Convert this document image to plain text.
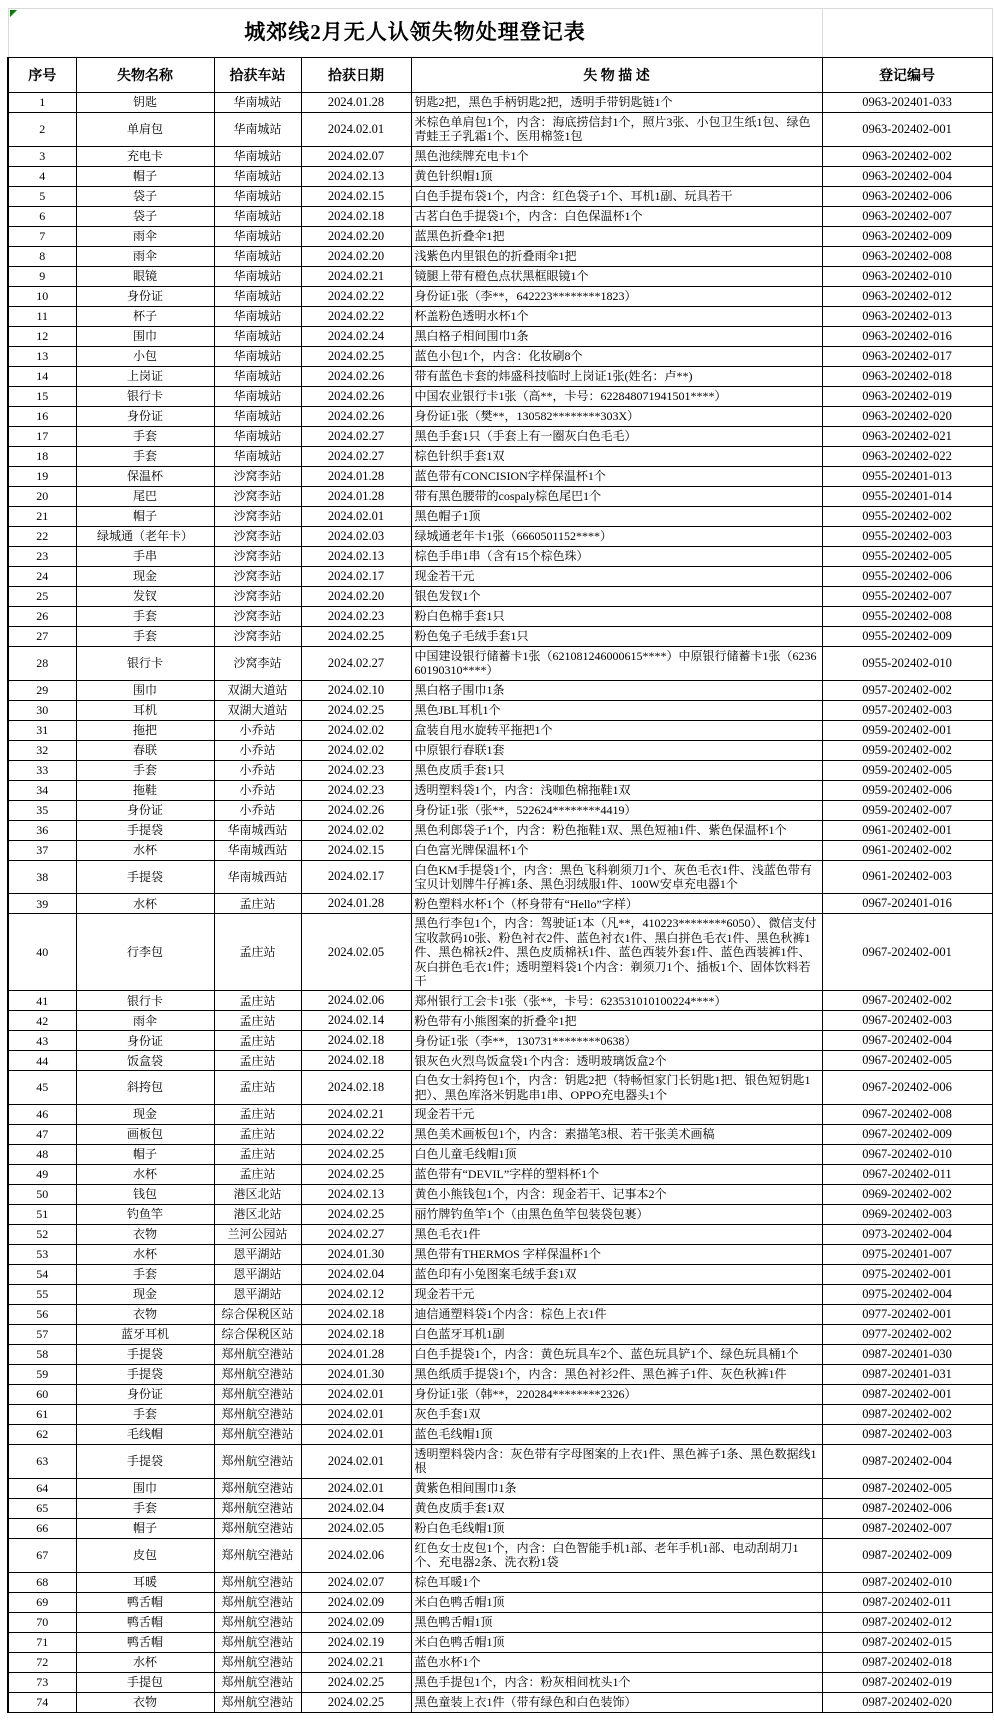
城郊线2月无人认领失物处理登记表					
序号	失物名称	拾获车站	拾获日期	失 物 描 述	登记编号
1	钥匙	华南城站	2024.01.28	钥匙2把，黑色手柄钥匙2把，透明手带钥匙链1个	0963-202401-033
2	单肩包	华南城站	2024.02.01	米棕色单肩包1个，内含：海底捞信封1个，照片3张、小包卫生纸1包、绿色青蛙王子乳霜1个、医用棉签1包	0963-202402-001
3	充电卡	华南城站	2024.02.07	黑色池续牌充电卡1个	0963-202402-002
4	帽子	华南城站	2024.02.13	黄色针织帽1顶	0963-202402-004
5	袋子	华南城站	2024.02.15	白色手提布袋1个，内含：红色袋子1个、耳机1副、玩具若干	0963-202402-006
6	袋子	华南城站	2024.02.18	古茗白色手提袋1个，内含：白色保温杯1个	0963-202402-007
7	雨伞	华南城站	2024.02.20	蓝黑色折叠伞1把	0963-202402-009
8	雨伞	华南城站	2024.02.20	浅紫色内里银色的折叠雨伞1把	0963-202402-008
9	眼镜	华南城站	2024.02.21	镜腿上带有橙色点状黑框眼镜1个	0963-202402-010
10	身份证	华南城站	2024.02.22	身份证1张（李**，642223********1823）	0963-202402-012
11	杯子	华南城站	2024.02.22	杯盖粉色透明水杯1个	0963-202402-013
12	围巾	华南城站	2024.02.24	黑白格子相间围巾1条	0963-202402-016
13	小包	华南城站	2024.02.25	蓝色小包1个，内含：化妆刷8个	0963-202402-017
14	上岗证	华南城站	2024.02.26	带有蓝色卡套的炜盛科技临时上岗证1张(姓名：卢**)	0963-202402-018
15	银行卡	华南城站	2024.02.26	中国农业银行卡1张（高**，卡号：622848071941501****）	0963-202402-019
16	身份证	华南城站	2024.02.26	身份证1张（樊**，130582********303X）	0963-202402-020
17	手套	华南城站	2024.02.27	黑色手套1只（手套上有一圈灰白色毛毛）	0963-202402-021
18	手套	华南城站	2024.02.27	棕色针织手套1双	0963-202402-022
19	保温杯	沙窝李站	2024.01.28	蓝色带有CONCISION字样保温杯1个	0955-202401-013
20	尾巴	沙窝李站	2024.01.28	带有黑色腰带的cospaly棕色尾巴1个	0955-202401-014
21	帽子	沙窝李站	2024.02.01	黑色帽子1顶	0955-202402-002
22	绿城通（老年卡）	沙窝李站	2024.02.03	绿城通老年卡1张（6660501152****）	0955-202402-003
23	手串	沙窝李站	2024.02.13	棕色手串1串（含有15个棕色珠）	0955-202402-005
24	现金	沙窝李站	2024.02.17	现金若干元	0955-202402-006
25	发钗	沙窝李站	2024.02.20	银色发钗1个	0955-202402-007
26	手套	沙窝李站	2024.02.23	粉白色棉手套1只	0955-202402-008
27	手套	沙窝李站	2024.02.25	粉色兔子毛绒手套1只	0955-202402-009
28	银行卡	沙窝李站	2024.02.27	中国建设银行储蓄卡1张（621081246000615****）中原银行储蓄卡1张（623660190310****）	0955-202402-010
29	围巾	双湖大道站	2024.02.10	黑白格子围巾1条	0957-202402-002
30	耳机	双湖大道站	2024.02.25	黑色JBL耳机1个	0957-202402-003
31	拖把	小乔站	2024.02.02	盒装自甩水旋转平拖把1个	0959-202402-001
32	春联	小乔站	2024.02.02	中原银行春联1套	0959-202402-002
33	手套	小乔站	2024.02.23	黑色皮质手套1只	0959-202402-005
34	拖鞋	小乔站	2024.02.23	透明塑料袋1个，内含：浅咖色棉拖鞋1双	0959-202402-006
35	身份证	小乔站	2024.02.26	身份证1张（张**，522624********4419）	0959-202402-007
36	手提袋	华南城西站	2024.02.02	黑色利郎袋子1个，内含：粉色拖鞋1双、黑色短袖1件、紫色保温杯1个	0961-202402-001
37	水杯	华南城西站	2024.02.15	白色富光牌保温杯1个	0961-202402-002
38	手提袋	华南城西站	2024.02.17	白色KM手提袋1个，内含：黑色飞科剃须刀1个、灰色毛衣1件、浅蓝色带有宝贝计划牌牛仔裤1条、黑色羽绒服1件、100W安卓充电器1个	0961-202402-003
39	水杯	孟庄站	2024.01.28	粉色塑料水杯1个（杯身带有“Hello”字样）	0967-202401-016
40	行李包	孟庄站	2024.02.05	黑色行李包1个，内含：驾驶证1本（凡**，410223********6050）、微信支付宝收款码10张、粉色衬衣2件、蓝色衬衣1件、黑白拼色毛衣1件、黑色秋裤1件、黑色棉袄2件、黑色皮质棉袄1件、蓝色西装外套1件、蓝色西装裤1件、灰白拼色毛衣1件；透明塑料袋1个内含：剃须刀1个、插板1个、固体饮料若干	0967-202402-001
41	银行卡	孟庄站	2024.02.06	郑州银行工会卡1张（张**，卡号：623531010100224****）	0967-202402-002
42	雨伞	孟庄站	2024.02.14	粉色带有小熊图案的折叠伞1把	0967-202402-003
43	身份证	孟庄站	2024.02.18	身份证1张（李**，130731********0638）	0967-202402-004
44	饭盒袋	孟庄站	2024.02.18	银灰色火烈鸟饭盒袋1个内含：透明玻璃饭盒2个	0967-202402-005
45	斜挎包	孟庄站	2024.02.18	白色女士斜挎包1个，内含：钥匙2把（特畅恒家门长钥匙1把、银色短钥匙1把）、黑色库洛米钥匙串1串、OPPO充电器头1个	0967-202402-006
46	现金	孟庄站	2024.02.21	现金若干元	0967-202402-008
47	画板包	孟庄站	2024.02.22	黑色美术画板包1个，内含：素描笔3根、若干张美术画稿	0967-202402-009
48	帽子	孟庄站	2024.02.25	白色儿童毛线帽1顶	0967-202402-010
49	水杯	孟庄站	2024.02.25	蓝色带有“DEVIL”字样的塑料杯1个	0967-202402-011
50	钱包	港区北站	2024.02.13	黄色小熊钱包1个，内含：现金若干、记事本2个	0969-202402-002
51	钓鱼竿	港区北站	2024.02.25	丽竹牌钓鱼竿1个（由黑色鱼竿包装袋包裹）	0969-202402-003
52	衣物	兰河公园站	2024.02.27	黑色毛衣1件	0973-202402-004
53	水杯	恩平湖站	2024.01.30	黑色带有THERMOS 字样保温杯1个	0975-202401-007
54	手套	恩平湖站	2024.02.04	蓝色印有小兔图案毛绒手套1双	0975-202402-001
55	现金	恩平湖站	2024.02.12	现金若干元	0975-202402-004
56	衣物	综合保税区站	2024.02.18	迪信通塑料袋1个内含：棕色上衣1件	0977-202402-001
57	蓝牙耳机	综合保税区站	2024.02.18	白色蓝牙耳机1副	0977-202402-002
58	手提袋	郑州航空港站	2024.01.28	白色手提袋1个，内含：黄色玩具车2个、蓝色玩具铲1个、绿色玩具桶1个	0987-202401-030
59	手提袋	郑州航空港站	2024.01.30	黑色纸质手提袋1个，内含：黑色衬衫2件、黑色裤子1件、灰色秋裤1件	0987-202401-031
60	身份证	郑州航空港站	2024.02.01	身份证1张（韩**，220284********2326）	0987-202402-001
61	手套	郑州航空港站	2024.02.01	灰色手套1双	0987-202402-002
62	毛线帽	郑州航空港站	2024.02.01	蓝色毛线帽1顶	0987-202402-003
63	手提袋	郑州航空港站	2024.02.01	透明塑料袋内含：灰色带有字母图案的上衣1件、黑色裤子1条、黑色数据线1根	0987-202402-004
64	围巾	郑州航空港站	2024.02.01	黄紫色相间围巾1条	0987-202402-005
65	手套	郑州航空港站	2024.02.04	黄色皮质手套1双	0987-202402-006
66	帽子	郑州航空港站	2024.02.05	粉白色毛线帽1顶	0987-202402-007
67	皮包	郑州航空港站	2024.02.06	红色女士皮包1个，内含：白色智能手机1部、老年手机1部、电动刮胡刀1个、充电器2条、洗衣粉1袋	0987-202402-009
68	耳暖	郑州航空港站	2024.02.07	棕色耳暖1个	0987-202402-010
69	鸭舌帽	郑州航空港站	2024.02.09	米白色鸭舌帽1顶	0987-202402-011
70	鸭舌帽	郑州航空港站	2024.02.09	黑色鸭舌帽1顶	0987-202402-012
71	鸭舌帽	郑州航空港站	2024.02.19	米白色鸭舌帽1顶	0987-202402-015
72	水杯	郑州航空港站	2024.02.21	蓝色水杯1个	0987-202402-018
73	手提包	郑州航空港站	2024.02.25	黑色手提包1个，内含：粉灰相间枕头1个	0987-202402-019
74	衣物	郑州航空港站	2024.02.25	黑色童装上衣1件（带有绿色和白色装饰）	0987-202402-020
